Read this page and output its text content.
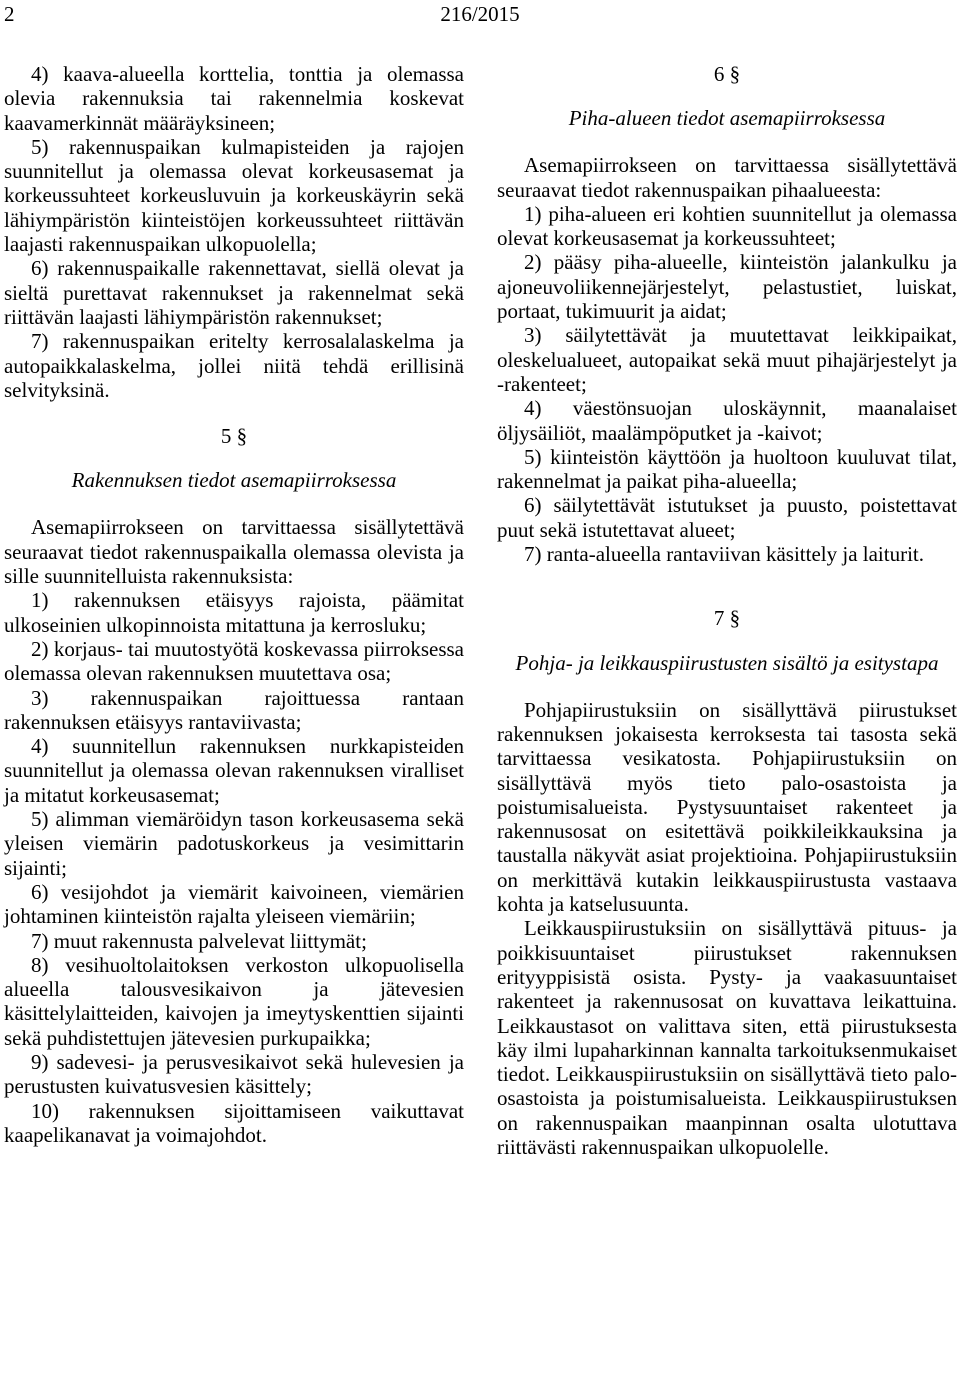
2	216/2015

4) kaava-alueella korttelia, tonttia ja olemassa olevia rakennuksia tai rakennelmia koskevat kaavamerkinnät määräyksineen;

5) rakennuspaikan kulmapisteiden ja rajojen suunnitellut ja olemassa olevat korkeusasemat ja korkeussuhteet korkeusluvuin ja korkeuskäyrin sekä lähiympäristön kiinteistöjen korkeussuhteet riittävän laajasti rakennuspaikan ulkopuolella;

6) rakennuspaikalle rakennettavat, siellä olevat ja sieltä purettavat rakennukset ja rakennelmat sekä riittävän laajasti lähiympäristön rakennukset;

7) rakennuspaikan eritelty kerrosalalaskelma ja autopaikkalaskelma, jollei niitä tehdä erillisinä selvityksinä.

5 §
Rakennuksen tiedot asemapiirroksessa

Asemapiirrokseen on tarvittaessa sisällytettävä seuraavat tiedot rakennuspaikalla olemassa olevista ja sille suunnitelluista rakennuksista:

1) rakennuksen etäisyys rajoista, päämitat ulkoseinien ulkopinnoista mitattuna ja kerrosluku;

2) korjaus- tai muutostyötä koskevassa piirroksessa olemassa olevan rakennuksen muutettava osa;

3) rakennuspaikan rajoittuessa rantaan rakennuksen etäisyys rantaviivasta;

4) suunnitellun rakennuksen nurkkapisteiden suunnitellut ja olemassa olevan rakennuksen viralliset ja mitatut korkeusasemat;

5) alimman viemäröidyn tason korkeusasema sekä yleisen viemärin padotuskorkeus ja vesimittarin sijainti;

6) vesijohdot ja viemärit kaivoineen, viemärien johtaminen kiinteistön rajalta yleiseen viemäriin;

7) muut rakennusta palvelevat liittymät;

8) vesihuoltolaitoksen verkoston ulkopuolisella alueella talousvesikaivon ja jätevesien käsittelylaitteiden, kaivojen ja imeytyskenttien sijainti sekä puhdistettujen jätevesien purkupaikka;

9) sadevesi- ja perusvesikaivot sekä hulevesien ja perustusten kuivatusvesien käsittely;

10) rakennuksen sijoittamiseen vaikuttavat kaapelikanavat ja voimajohdot.

6 §
Piha-alueen tiedot asemapiirroksessa

Asemapiirrokseen on tarvittaessa sisällytettävä seuraavat tiedot rakennuspaikan pihaalueesta:

1) piha-alueen eri kohtien suunnitellut ja olemassa olevat korkeusasemat ja korkeussuhteet;

2) pääsy piha-alueelle, kiinteistön jalankulku ja ajoneuvoliikennejärjestelyt, pelastustiet, luiskat, portaat, tukimuurit ja aidat;

3) säilytettävät ja muutettavat leikkipaikat, oleskelualueet, autopaikat sekä muut pihajärjestelyt ja -rakenteet;

4) väestönsuojan uloskäynnit, maanalaiset öljysäiliöt, maalämpöputket ja -kaivot;

5) kiinteistön käyttöön ja huoltoon kuuluvat tilat, rakennelmat ja paikat piha-alueella;

6) säilytettävät istutukset ja puusto, poistettavat puut sekä istutettavat alueet;

7) ranta-alueella rantaviivan käsittely ja laiturit.

7 §
Pohja- ja leikkauspiirustusten sisältö ja esitystapa

Pohjapiirustuksiin on sisällyttävä piirustukset rakennuksen jokaisesta kerroksesta tai tasosta sekä tarvittaessa vesikatosta. Pohjapiirustuksiin on sisällyttävä myös tieto palo-osastoista ja poistumisalueista. Pystysuuntaiset rakenteet ja rakennusosat on esitettävä poikkileikkauksina ja taustalla näkyvät asiat projektioina. Pohjapiirustuksiin on merkittävä kutakin leikkauspiirustusta vastaava kohta ja katselusuunta.

Leikkauspiirustuksiin on sisällyttävä pituus- ja poikkisuuntaiset piirustukset rakennuksen erityyppisistä osista. Pysty- ja vaakasuuntaiset rakenteet ja rakennusosat on kuvattava leikattuina. Leikkaustasot on valittava siten, että piirustuksesta käy ilmi lupaharkinnan kannalta tarkoituksenmukaiset tiedot. Leikkauspiirustuksiin on sisällyttävä tieto palo-osastoista ja poistumisalueista. Leikkauspiirustuksen on rakennuspaikan maanpinnan osalta ulotuttava riittävästi rakennuspaikan ulkopuolelle.
